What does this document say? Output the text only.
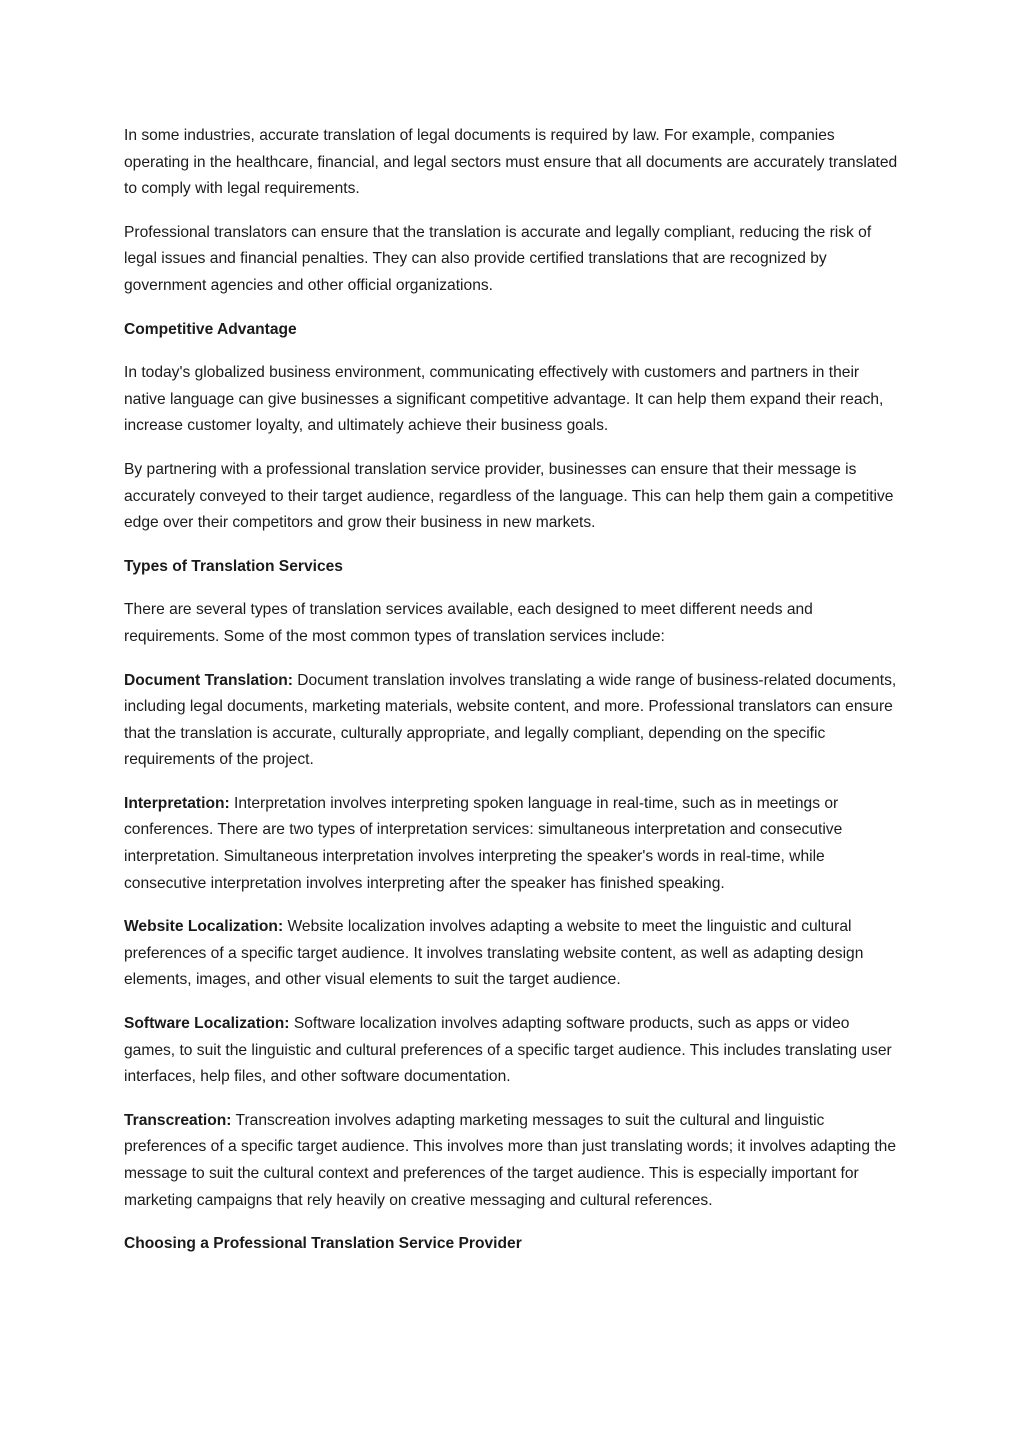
In some industries, accurate translation of legal documents is required by law. For example, companies operating in the healthcare, financial, and legal sectors must ensure that all documents are accurately translated to comply with legal requirements.

Professional translators can ensure that the translation is accurate and legally compliant, reducing the risk of legal issues and financial penalties. They can also provide certified translations that are recognized by government agencies and other official organizations.

Competitive Advantage

In today's globalized business environment, communicating effectively with customers and partners in their native language can give businesses a significant competitive advantage. It can help them expand their reach, increase customer loyalty, and ultimately achieve their business goals.

By partnering with a professional translation service provider, businesses can ensure that their message is accurately conveyed to their target audience, regardless of the language. This can help them gain a competitive edge over their competitors and grow their business in new markets.

Types of Translation Services

There are several types of translation services available, each designed to meet different needs and requirements. Some of the most common types of translation services include:

Document Translation: Document translation involves translating a wide range of business-related documents, including legal documents, marketing materials, website content, and more. Professional translators can ensure that the translation is accurate, culturally appropriate, and legally compliant, depending on the specific requirements of the project.

Interpretation: Interpretation involves interpreting spoken language in real-time, such as in meetings or conferences. There are two types of interpretation services: simultaneous interpretation and consecutive interpretation. Simultaneous interpretation involves interpreting the speaker's words in real-time, while consecutive interpretation involves interpreting after the speaker has finished speaking.

Website Localization: Website localization involves adapting a website to meet the linguistic and cultural preferences of a specific target audience. It involves translating website content, as well as adapting design elements, images, and other visual elements to suit the target audience.

Software Localization: Software localization involves adapting software products, such as apps or video games, to suit the linguistic and cultural preferences of a specific target audience. This includes translating user interfaces, help files, and other software documentation.

Transcreation: Transcreation involves adapting marketing messages to suit the cultural and linguistic preferences of a specific target audience. This involves more than just translating words; it involves adapting the message to suit the cultural context and preferences of the target audience. This is especially important for marketing campaigns that rely heavily on creative messaging and cultural references.

Choosing a Professional Translation Service Provider
